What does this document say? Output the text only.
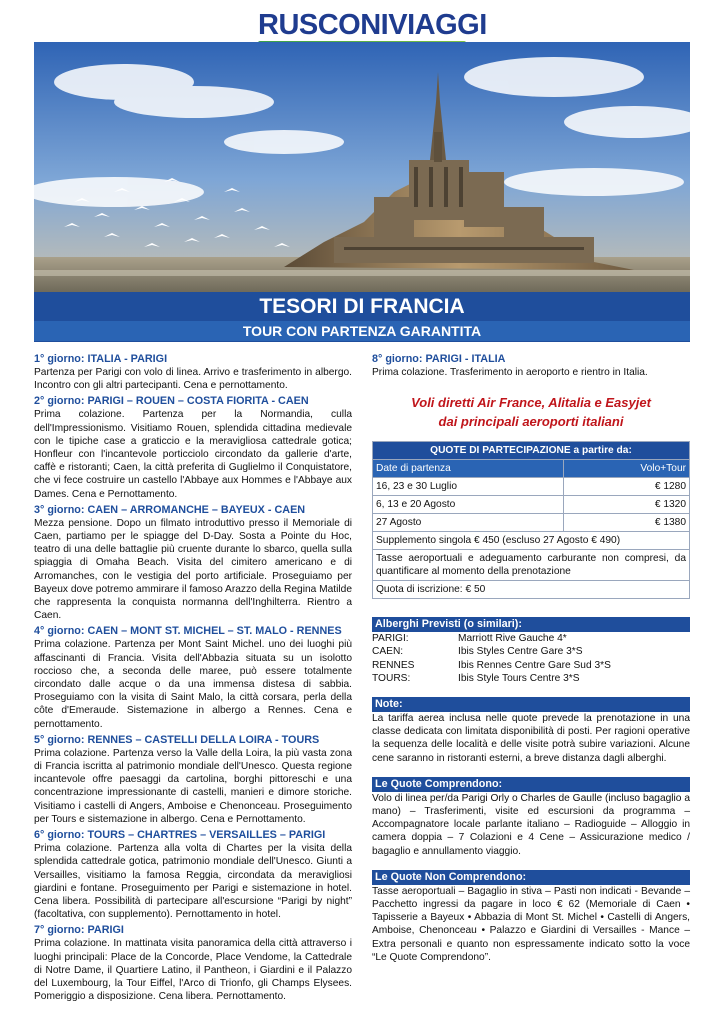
RUSCONIVIAGGI
TESORI DI FRANCIA
TOUR CON PARTENZA GARANTITA
1° giorno: ITALIA - PARIGI
Partenza per Parigi con volo di linea. Arrivo e trasferimento in albergo. Incontro con gli altri partecipanti. Cena e pernottamento.
2° giorno: PARIGI – ROUEN – COSTA FIORITA - CAEN
Prima colazione. Partenza per la Normandia, culla dell'Impressionismo. Visitiamo Rouen, splendida cittadina medievale con le tipiche case a graticcio e la meravigliosa cattedrale gotica; Honfleur con l'incantevole porticciolo circondato da gallerie d'arte, caffè e ristoranti; Caen, la città preferita di Guglielmo il Conquistatore, che vi fece costruire un castello l'Abbaye aux Hommes e l'Abbaye aux Dames. Cena e Pernottamento.
3° giorno: CAEN – ARROMANCHE – BAYEUX - CAEN
Mezza pensione. Dopo un filmato introduttivo presso il Memoriale di Caen, partiamo per le spiagge del D-Day. Sosta a Pointe du Hoc, teatro di una delle battaglie più cruente durante lo sbarco, quella sulla spiaggia di Omaha Beach. Visita del cimitero americano e di Arromanches, con le vestigia del porto artificiale. Proseguiamo per Bayeux dove potremo ammirare il famoso Arazzo della Regina Matilde che rappresenta la conquista normanna dell'Inghilterra. Rientro a Caen.
4° giorno: CAEN – MONT ST. MICHEL – ST. MALO - RENNES
Prima colazione. Partenza per Mont Saint Michel. uno dei luoghi più affascinanti di Francia. Visita dell'Abbazia situata su un isolotto roccioso che, a seconda delle maree, può essere totalmente circondato dalle acque o da una immensa distesa di sabbia. Proseguiamo con la visita di Saint Malo, la città corsara, perla della côte d'Emeraude. Sistemazione in albergo a Rennes. Cena e pernottamento.
5° giorno: RENNES – CASTELLI DELLA LOIRA - TOURS
Prima colazione. Partenza verso la Valle della Loira, la più vasta zona di Francia iscritta al patrimonio mondiale dell'Unesco. Questa regione incantevole offre paesaggi da cartolina, borghi pittoreschi e una concentrazione impressionante di castelli, manieri e dimore storiche. Visitiamo i castelli di Angers, Amboise e Chenonceau. Proseguimento per Tours e sistemazione in albergo. Cena e Pernottamento.
6° giorno: TOURS – CHARTRES – VERSAILLES – PARIGI
Prima colazione. Partenza alla volta di Chartes per la visita della splendida cattedrale gotica, patrimonio mondiale dell'Unesco. Giunti a Versailles, visitiamo la famosa Reggia, circondata da meravigliosi giardini e fontane. Proseguimento per Parigi e sistemazione in hotel. Cena libera. Possibilità di partecipare all'escursione “Parigi by night” (facoltativa, con supplemento). Pernottamento in hotel.
7° giorno: PARIGI
Prima colazione. In mattinata visita panoramica della città attraverso i luoghi principali: Place de la Concorde, Place Vendome, la Cattedrale di Notre Dame, il Quartiere Latino, il Pantheon, i Giardini e il Palazzo del Luxembourg, la Tour Eiffel, l'Arco di Trionfo, gli Champs Elysees. Pomeriggio a disposizione. Cena libera. Pernottamento.
8° giorno: PARIGI - ITALIA
Prima colazione. Trasferimento in aeroporto e rientro in Italia.
Voli diretti Air France, Alitalia e Easyjet
dai principali aeroporti italiani
QUOTE DI PARTECIPAZIONE a partire da:	
Date di partenza	Volo+Tour
16, 23 e 30 Luglio	€ 1280
6, 13 e 20 Agosto	€ 1320
27 Agosto	€ 1380
Supplemento singola € 450 (escluso 27 Agosto € 490)	
Tasse aeroportuali e adeguamento carburante non compresi, da quantificare al momento della prenotazione	
Quota di iscrizione: € 50	
Alberghi Previsti (o similari):
PARIGI:	Marriott Rive Gauche 4*
CAEN:	Ibis Styles Centre Gare 3*S
RENNES	Ibis Rennes Centre Gare Sud 3*S
TOURS:	Ibis Style Tours Centre 3*S
Note:
La tariffa aerea inclusa nelle quote prevede la prenotazione in una classe dedicata con limitata disponibilità di posti. Per ragioni operative la sequenza delle località e delle visite potrà subire variazioni. Alcune cene saranno in ristoranti esterni, a breve distanza dagli alberghi.
Le Quote Comprendono:
Volo di linea per/da Parigi Orly o Charles de Gaulle (incluso bagaglio a mano) – Trasferimenti, visite ed escursioni da programma – Accompagnatore locale parlante italiano – Radioguide – Alloggio in camera doppia – 7 Colazioni e 4 Cene – Assicurazione medico / bagaglio e annullamento viaggio.
Le Quote Non Comprendono:
Tasse aeroportuali – Bagaglio in stiva – Pasti non indicati - Bevande – Pacchetto ingressi da pagare in loco € 62 (Memoriale di Caen • Tapisserie a Bayeux • Abbazia di Mont St. Michel • Castelli di Angers, Amboise, Chenonceau • Palazzo e Giardini di Versailles - Mance – Extra personali e quanto non espressamente indicato sotto la voce “Le Quote Comprendono”.
